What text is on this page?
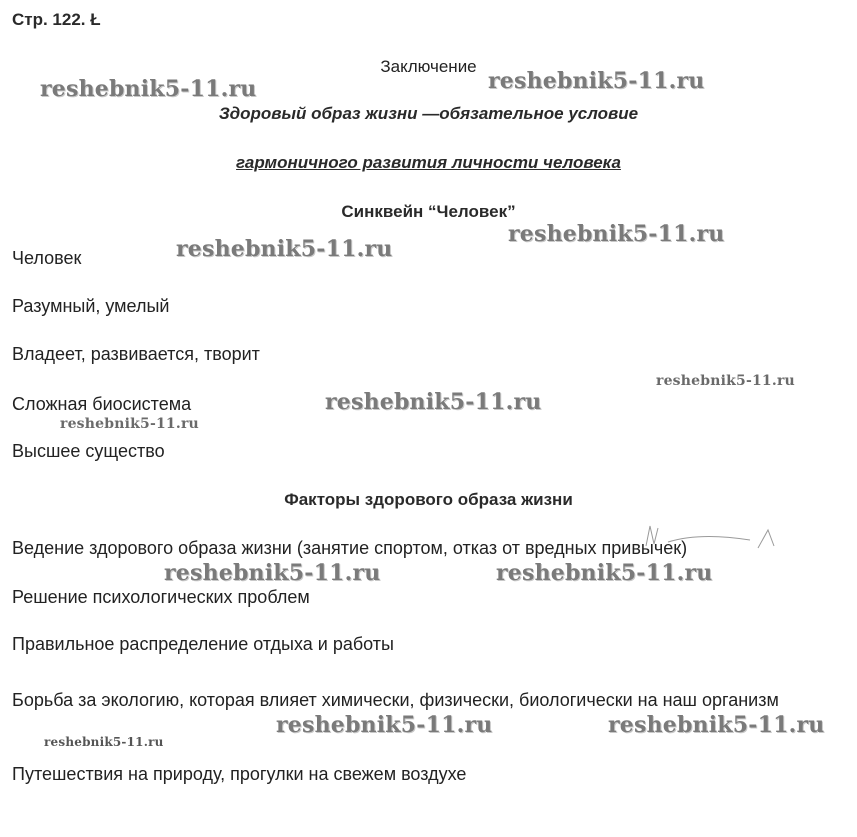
Стр. 122. Ł
Заключение
Здоровый образ жизни —обязательное условие
гармоничного развития личности человека
Синквейн “Человек”
Человек
Разумный, умелый
Владеет, развивается, творит
Сложная биосистема
Высшее существо
Факторы здорового образа жизни
Ведение здорового образа жизни (занятие спортом, отказ от вредных привычек)
Решение психологических проблем
Правильное распределение отдыха и работы
Борьба за экологию, которая влияет химически, физически, биологически на наш организм
Путешествия на природу, прогулки на свежем воздухе
reshebnik5-11.ru	reshebnik5-11.ru
reshebnik5-11.ru
reshebnik5-11.ru
reshebnik5-11.ru
reshebnik5-11.ru
reshebnik5-11.ru
reshebnik5-11.ru	reshebnik5-11.ru
reshebnik5-11.ru	reshebnik5-11.ru
reshebnik5-11.ru
